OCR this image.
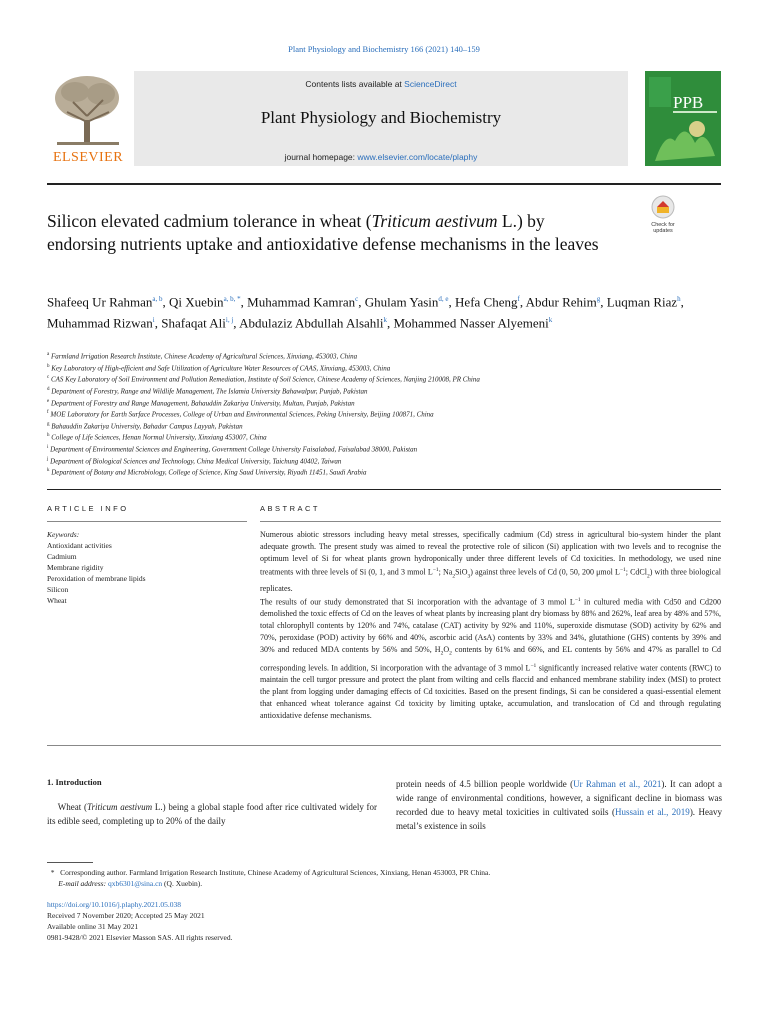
Plant Physiology and Biochemistry 166 (2021) 140–159
ELSEVIER
Contents lists available at ScienceDirect
Plant Physiology and Biochemistry
journal homepage: www.elsevier.com/locate/plaphy
PPB
Silicon elevated cadmium tolerance in wheat (Triticum aestivum L.) by endorsing nutrients uptake and antioxidative defense mechanisms in the leaves
Check for updates
Shafeeq Ur Rahman$^{a, b}$, Qi Xuebin$^{a, b, *}$, Muhammad Kamran$^c$, Ghulam Yasin$^{d, e}$, Hefa Cheng$^f$, Abdur Rehim$^g$, Luqman Riaz$^h$, Muhammad Rizwan$^i$, Shafaqat Ali$^{i, j}$, Abdulaziz Abdullah Alsahli$^k$, Mohammed Nasser Alyemeni$^k$
$^a$ Farmland Irrigation Research Institute, Chinese Academy of Agricultural Sciences, Xinxiang, 453003, China
$^b$ Key Laboratory of High-efficient and Safe Utilization of Agriculture Water Resources of CAAS, Xinxiang, 453003, China
$^c$ CAS Key Laboratory of Soil Environment and Pollution Remediation, Institute of Soil Science, Chinese Academy of Sciences, Nanjing 210008, PR China
$^d$ Department of Forestry, Range and Wildlife Management, The Islamia University Bahawalpur, Punjab, Pakistan
$^e$ Department of Forestry and Range Management, Bahauddin Zakariya University, Multan, Punjab, Pakistan
$^f$ MOE Laboratory for Earth Surface Processes, College of Urban and Environmental Sciences, Peking University, Beijing 100871, China
$^g$ Bahauddin Zakariya University, Bahadur Campus Layyah, Pakistan
$^h$ College of Life Sciences, Henan Normal University, Xinxiang 453007, China
$^i$ Department of Environmental Sciences and Engineering, Government College University Faisalabad, Faisalabad 38000, Pakistan
$^j$ Department of Biological Sciences and Technology, China Medical University, Taichung 40402, Taiwan
$^k$ Department of Botany and Microbiology, College of Science, King Saud University, Riyadh 11451, Saudi Arabia
ARTICLE INFO	ABSTRACT
Keywords:
Antioxidant activities
Cadmium
Membrane rigidity
Peroxidation of membrane lipids
Silicon
Wheat
Numerous abiotic stressors including heavy metal stresses, specifically cadmium (Cd) stress in agricultural bio-system hinder the plant adequate growth. The present study was aimed to reveal the protective role of silicon (Si) application with two levels and to recognise the optimum level of Si for wheat plants grown hydroponically under three different levels of Cd toxicities. In methodology, we used nine treatments with three levels of Si (0, 1, and 3 mmol $L^{-1}$; $Na_2SiO_3$) against three levels of Cd (0, 50, 200 μmol $L^{-1}$; CdCl$_2$) with three biological replicates.
The results of our study demonstrated that Si incorporation with the advantage of 3 mmol $L^{-1}$ in cultured media with Cd50 and Cd200 demolished the toxic effects of Cd on the leaves of wheat plants by increasing plant dry biomass by 88% and 262%, leaf area by 48% and 57%, total chlorophyll contents by 120% and 74%, catalase (CAT) activity by 92% and 110%, superoxide dismutase (SOD) activity by 62% and 70%, peroxidase (POD) activity by 66% and 40%, ascorbic acid (AsA) contents by 33% and 34%, glutathione (GHS) contents by 39% and 30% and reduced MDA contents by 56% and 50%, $H_2O_2$ contents by 61% and 66%, and EL contents by 56% and 47% as parallel to Cd corresponding levels. In addition, Si incorporation with the advantage of 3 mmol $L^{-1}$ significantly increased relative water contents (RWC) to maintain the cell turgor pressure and protect the plant from wilting and cells flaccid and enhanced membrane stability index (MSI) to protect the plant from logging under damaging effects of Cd toxicities. Based on the present findings, Si can be considered a quasi-essential element that enhanced wheat tolerance against Cd toxicity by limiting uptake, accumulation, and translocation of Cd and through regulating antioxidative defense mechanisms.
1. Introduction
Wheat (Triticum aestivum L.) being a global staple food after rice cultivated widely for its edible seed, completing up to 20% of the daily
protein needs of 4.5 billion people worldwide (Ur Rahman et al., 2021). It can adopt a wide range of environmental conditions, however, a significant decline in biomass was recorded due to heavy metal toxicities in cultivated soils (Hussain et al., 2019). Heavy metal’s existence in soils
* Corresponding author. Farmland Irrigation Research Institute, Chinese Academy of Agricultural Sciences, Xinxiang, Henan 453003, PR China.
E-mail address: qxb6301@sina.cn (Q. Xuebin).
https://doi.org/10.1016/j.plaphy.2021.05.038
Received 7 November 2020; Accepted 25 May 2021
Available online 31 May 2021
0981-9428/© 2021 Elsevier Masson SAS. All rights reserved.
